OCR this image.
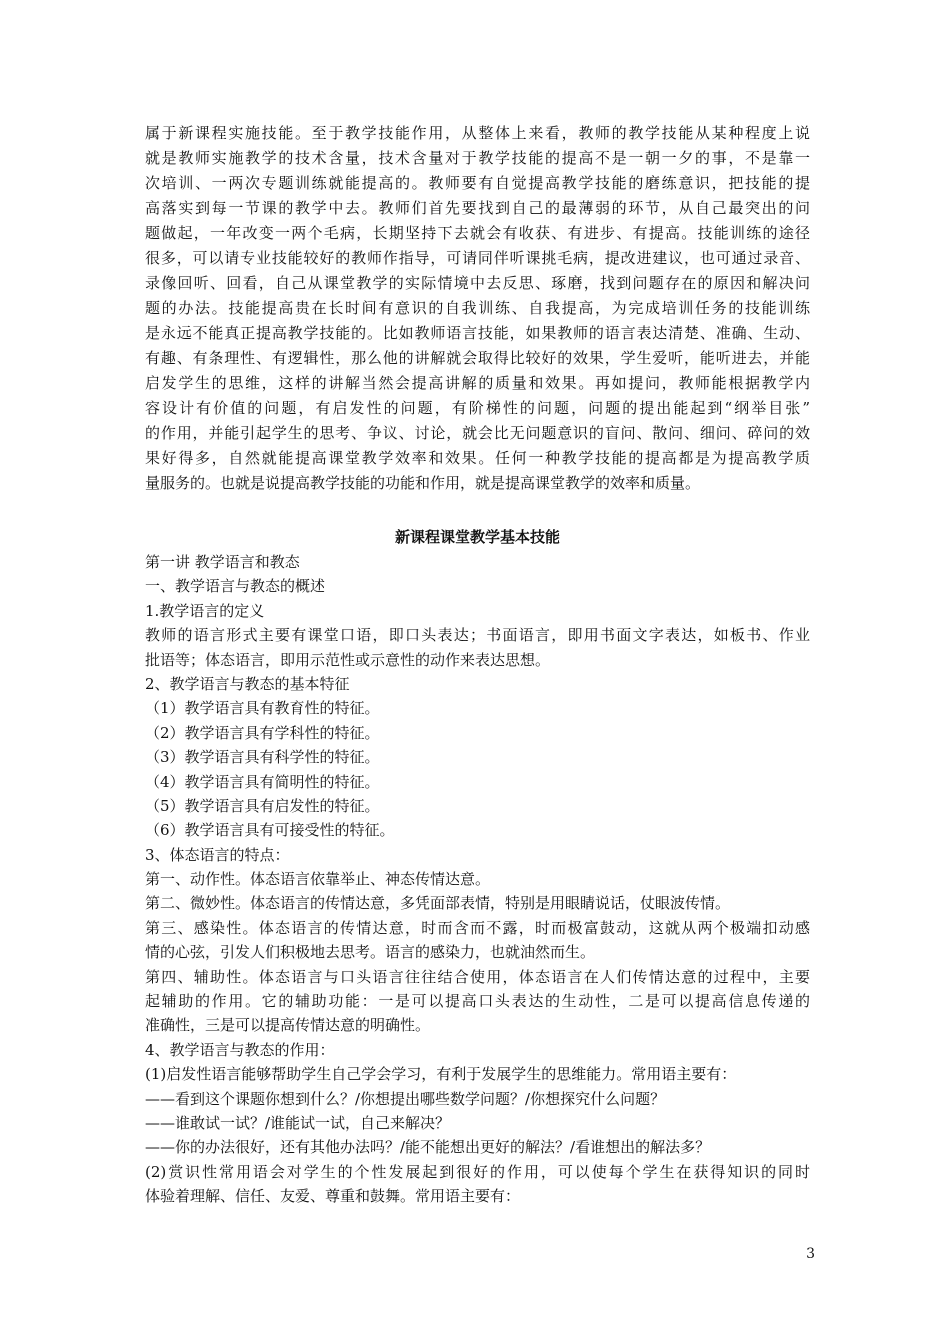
属于新课程实施技能。至于教学技能作用，从整体上来看，教师的教学技能从某种程度上说
就是教师实施教学的技术含量，技术含量对于教学技能的提高不是一朝一夕的事，不是靠一
次培训、一两次专题训练就能提高的。教师要有自觉提高教学技能的磨练意识，把技能的提
高落实到每一节课的教学中去。教师们首先要找到自己的最薄弱的环节，从自己最突出的问
题做起，一年改变一两个毛病，长期坚持下去就会有收获、有进步、有提高。技能训练的途径
很多，可以请专业技能较好的教师作指导，可请同伴听课挑毛病，提改进建议，也可通过录音、
录像回听、回看，自己从课堂教学的实际情境中去反思、琢磨，找到问题存在的原因和解决问
题的办法。技能提高贵在长时间有意识的自我训练、自我提高，为完成培训任务的技能训练
是永远不能真正提高教学技能的。比如教师语言技能，如果教师的语言表达清楚、准确、生动、
有趣、有条理性、有逻辑性，那么他的讲解就会取得比较好的效果，学生爱听，能听进去，并能
启发学生的思维，这样的讲解当然会提高讲解的质量和效果。再如提问，教师能根据教学内
容设计有价值的问题，有启发性的问题，有阶梯性的问题，问题的提出能起到“纲举目张”
的作用，并能引起学生的思考、争议、讨论，就会比无问题意识的盲问、散问、细问、碎问的效
果好得多，自然就能提高课堂教学效率和效果。任何一种教学技能的提高都是为提高教学质
量服务的。也就是说提高教学技能的功能和作用，就是提高课堂教学的效率和质量。
新课程课堂教学基本技能
第一讲 教学语言和教态
一、教学语言与教态的概述
1.教学语言的定义
教师的语言形式主要有课堂口语，即口头表达；书面语言，即用书面文字表达，如板书、作业
批语等；体态语言，即用示范性或示意性的动作来表达思想。
2、教学语言与教态的基本特征
（1）教学语言具有教育性的特征。
（2）教学语言具有学科性的特征。
（3）教学语言具有科学性的特征。
（4）教学语言具有简明性的特征。
（5）教学语言具有启发性的特征。
（6）教学语言具有可接受性的特征。
3、体态语言的特点：
第一、动作性。体态语言依靠举止、神态传情达意。
第二、微妙性。体态语言的传情达意，多凭面部表情，特别是用眼睛说话，仗眼波传情。
第三、感染性。体态语言的传情达意，时而含而不露，时而极富鼓动，这就从两个极端扣动感
情的心弦，引发人们积极地去思考。语言的感染力，也就油然而生。
第四、辅助性。体态语言与口头语言往往结合使用，体态语言在人们传情达意的过程中，主要
起辅助的作用。它的辅助功能：一是可以提高口头表达的生动性，二是可以提高信息传递的
准确性，三是可以提高传情达意的明确性。
4、教学语言与教态的作用：
(1)启发性语言能够帮助学生自己学会学习，有利于发展学生的思维能力。常用语主要有：
——看到这个课题你想到什么？/你想提出哪些数学问题？/你想探究什么问题？
——谁敢试一试？/谁能试一试，自己来解决？
——你的办法很好，还有其他办法吗？/能不能想出更好的解法？/看谁想出的解法多？
(2)赏识性常用语会对学生的个性发展起到很好的作用，可以使每个学生在获得知识的同时
体验着理解、信任、友爱、尊重和鼓舞。常用语主要有：
3
